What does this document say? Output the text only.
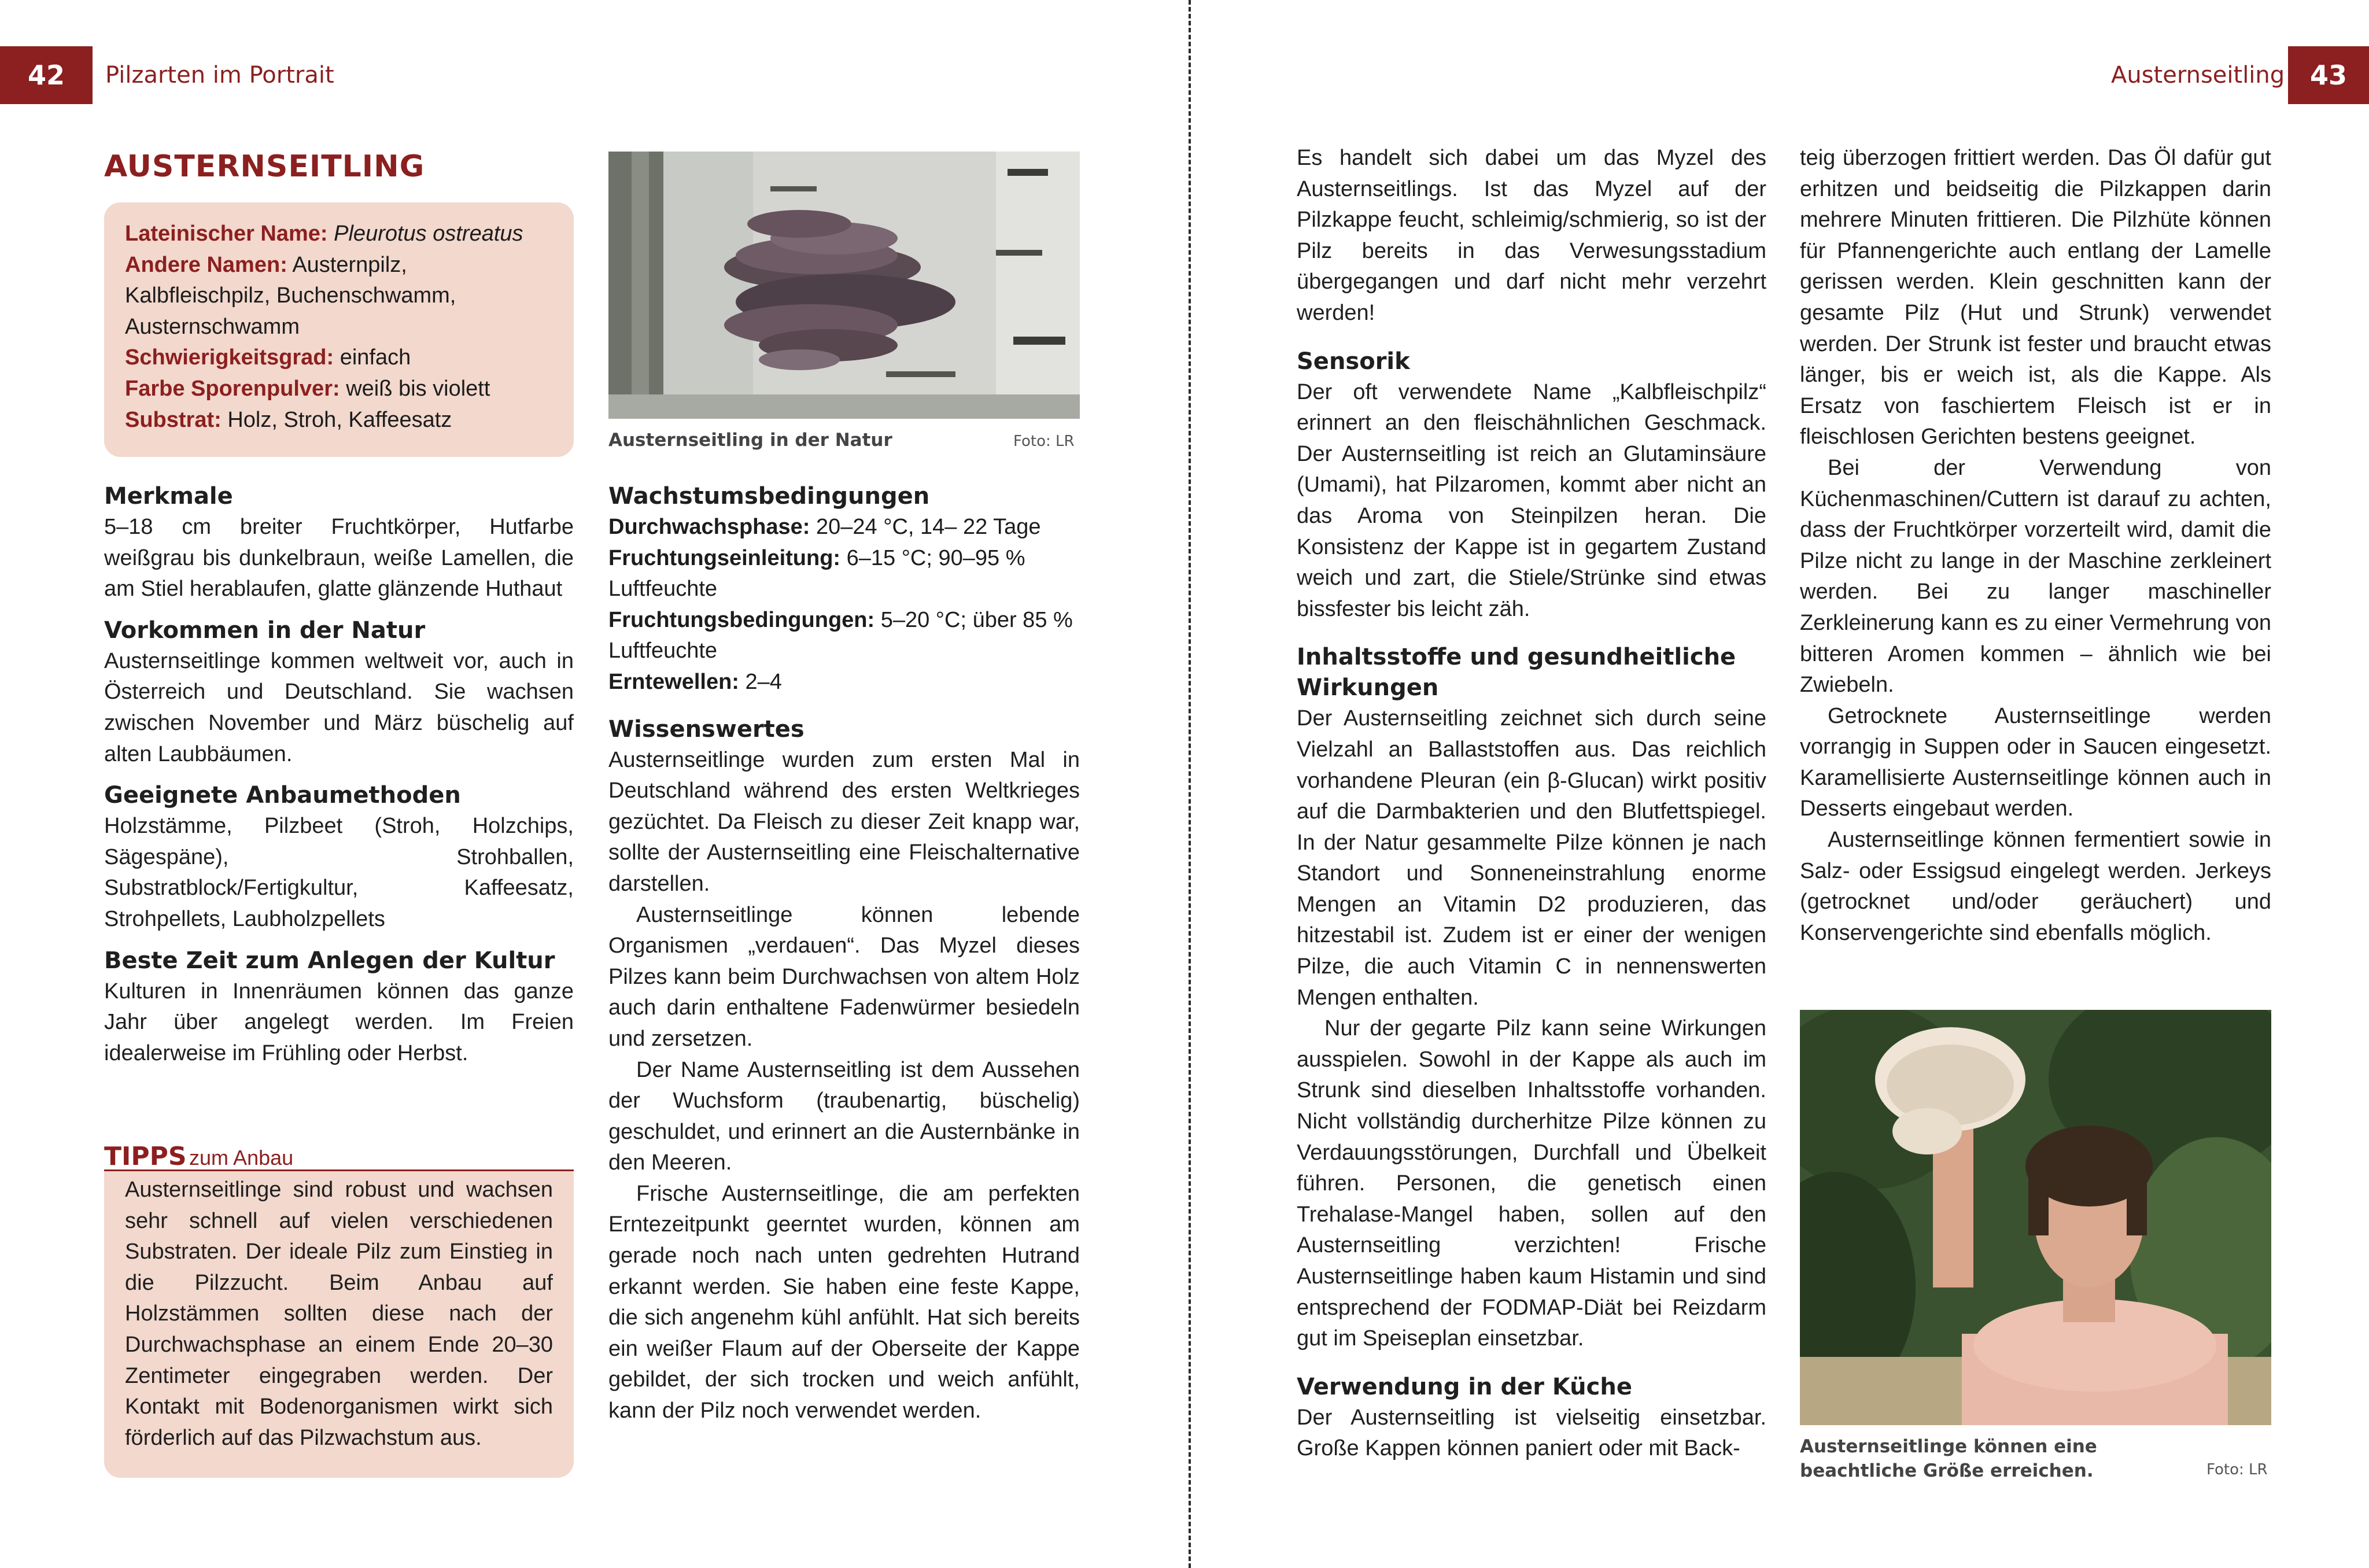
42	Pilzarten im Portrait
AUSTERNSEITLING

Lateinischer Name: Pleurotus ostreatus

Andere Namen: Austernpilz, Kalbfleischpilz, Buchenschwamm, Austernschwamm

Schwierigkeitsgrad: einfach

Farbe Sporenpulver: weiß bis violett

Substrat: Holz, Stroh, Kaffeesatz

Merkmale

5–18 cm breiter Fruchtkörper, Hutfarbe weißgrau bis dunkelbraun, weiße Lamellen, die am Stiel herablaufen, glatte glänzende Huthaut

Vorkommen in der Natur

Austernseitlinge kommen weltweit vor, auch in Österreich und Deutschland. Sie wachsen zwischen November und März büschelig auf alten Laubbäumen.

Geeignete Anbaumethoden

Holzstämme, Pilzbeet (Stroh, Holzchips, Sägespäne), Strohballen, Substratblock/Fertigkultur, Kaffeesatz, Strohpellets, Laubholzpellets

Beste Zeit zum Anlegen der Kultur

Kulturen in Innenräumen können das ganze Jahr über angelegt werden. Im Freien idealerweise im Frühling oder Herbst.

TIPPS zum Anbau

Austernseitlinge sind robust und wachsen sehr schnell auf vielen verschiedenen Substraten. Der ideale Pilz zum Einstieg in die Pilzzucht. Beim Anbau auf Holzstämmen sollten diese nach der Durchwachsphase an einem Ende 20–30 Zentimeter eingegraben werden. Der Kontakt mit Bodenorganismen wirkt sich förderlich auf das Pilzwachstum aus.

Austernseitling in der Natur	Foto: LR
Wachstumsbedingungen

Durchwachsphase: 20–24 °C, 14– 22 Tage

Fruchtungseinleitung: 6–15 °C; 90–95 % Luftfeuchte

Fruchtungsbedingungen: 5–20 °C; über 85 % Luftfeuchte

Erntewellen: 2–4

Wissenswertes

Austernseitlinge wurden zum ersten Mal in Deutschland während des ersten Weltkrieges gezüchtet. Da Fleisch zu dieser Zeit knapp war, sollte der Austernseitling eine Fleischalternative darstellen.

Austernseitlinge können lebende Organismen „verdauen“. Das Myzel dieses Pilzes kann beim Durchwachsen von altem Holz auch darin enthaltene Fadenwürmer besiedeln und zersetzen.

Der Name Austernseitling ist dem Aussehen der Wuchsform (traubenartig, büschelig) geschuldet, und erinnert an die Austernbänke in den Meeren.

Frische Austernseitlinge, die am perfekten Erntezeitpunkt geerntet wurden, können am gerade noch nach unten gedrehten Hutrand erkannt werden. Sie haben eine feste Kappe, die sich angenehm kühl anfühlt. Hat sich bereits ein weißer Flaum auf der Oberseite der Kappe gebildet, der sich trocken und weich anfühlt, kann der Pilz noch verwendet werden.

Austernseitling 43

Es handelt sich dabei um das Myzel des Austernseitlings. Ist das Myzel auf der Pilzkappe feucht, schleimig/schmierig, so ist der Pilz bereits in das Verwesungsstadium übergegangen und darf nicht mehr verzehrt werden!

Sensorik

Der oft verwendete Name „Kalbfleischpilz“ erinnert an den fleischähnlichen Geschmack. Der Austernseitling ist reich an Glutaminsäure (Umami), hat Pilzaromen, kommt aber nicht an das Aroma von Steinpilzen heran. Die Konsistenz der Kappe ist in gegartem Zustand weich und zart, die Stiele/Strünke sind etwas bissfester bis leicht zäh.

Inhaltsstoffe und gesundheitliche Wirkungen

Der Austernseitling zeichnet sich durch seine Vielzahl an Ballaststoffen aus. Das reichlich vorhandene Pleuran (ein β-Glucan) wirkt positiv auf die Darmbakterien und den Blutfettspiegel. In der Natur gesammelte Pilze können je nach Standort und Sonneneinstrahlung enorme Mengen an Vitamin D2 produzieren, das hitzestabil ist. Zudem ist er einer der wenigen Pilze, die auch Vitamin C in nennenswerten Mengen enthalten.

Nur der gegarte Pilz kann seine Wirkungen ausspielen. Sowohl in der Kappe als auch im Strunk sind dieselben Inhaltsstoffe vorhanden. Nicht vollständig durcherhitze Pilze können zu Verdauungsstörungen, Durchfall und Übelkeit führen. Personen, die genetisch einen Trehalase-Mangel haben, sollen auf den Austernseitling verzichten! Frische Austernseitlinge haben kaum Histamin und sind entsprechend der FODMAP-Diät bei Reizdarm gut im Speiseplan einsetzbar.

Verwendung in der Küche

Der Austernseitling ist vielseitig einsetzbar. Große Kappen können paniert oder mit Back-

teig überzogen frittiert werden. Das Öl dafür gut erhitzen und beidseitig die Pilzkappen darin mehrere Minuten frittieren. Die Pilzhüte können für Pfannengerichte auch entlang der Lamelle gerissen werden. Klein geschnitten kann der gesamte Pilz (Hut und Strunk) verwendet werden. Der Strunk ist fester und braucht etwas länger, bis er weich ist, als die Kappe. Als Ersatz von faschiertem Fleisch ist er in fleischlosen Gerichten bestens geeignet.

Bei der Verwendung von Küchenmaschinen/Cuttern ist darauf zu achten, dass der Fruchtkörper vorzerteilt wird, damit die Pilze nicht zu lange in der Maschine zerkleinert werden. Bei zu langer maschineller Zerkleinerung kann es zu einer Vermehrung von bitteren Aromen kommen – ähnlich wie bei Zwiebeln.

Getrocknete Austernseitlinge werden vorrangig in Suppen oder in Saucen eingesetzt. Karamellisierte Austernseitlinge können auch in Desserts eingebaut werden.

Austernseitlinge können fermentiert sowie in Salz- oder Essigsud eingelegt werden. Jerkeys (getrocknet und/oder geräuchert) und Konservengerichte sind ebenfalls möglich.

Austernseitlinge können eine beachtliche Größe erreichen.	Foto: LR
